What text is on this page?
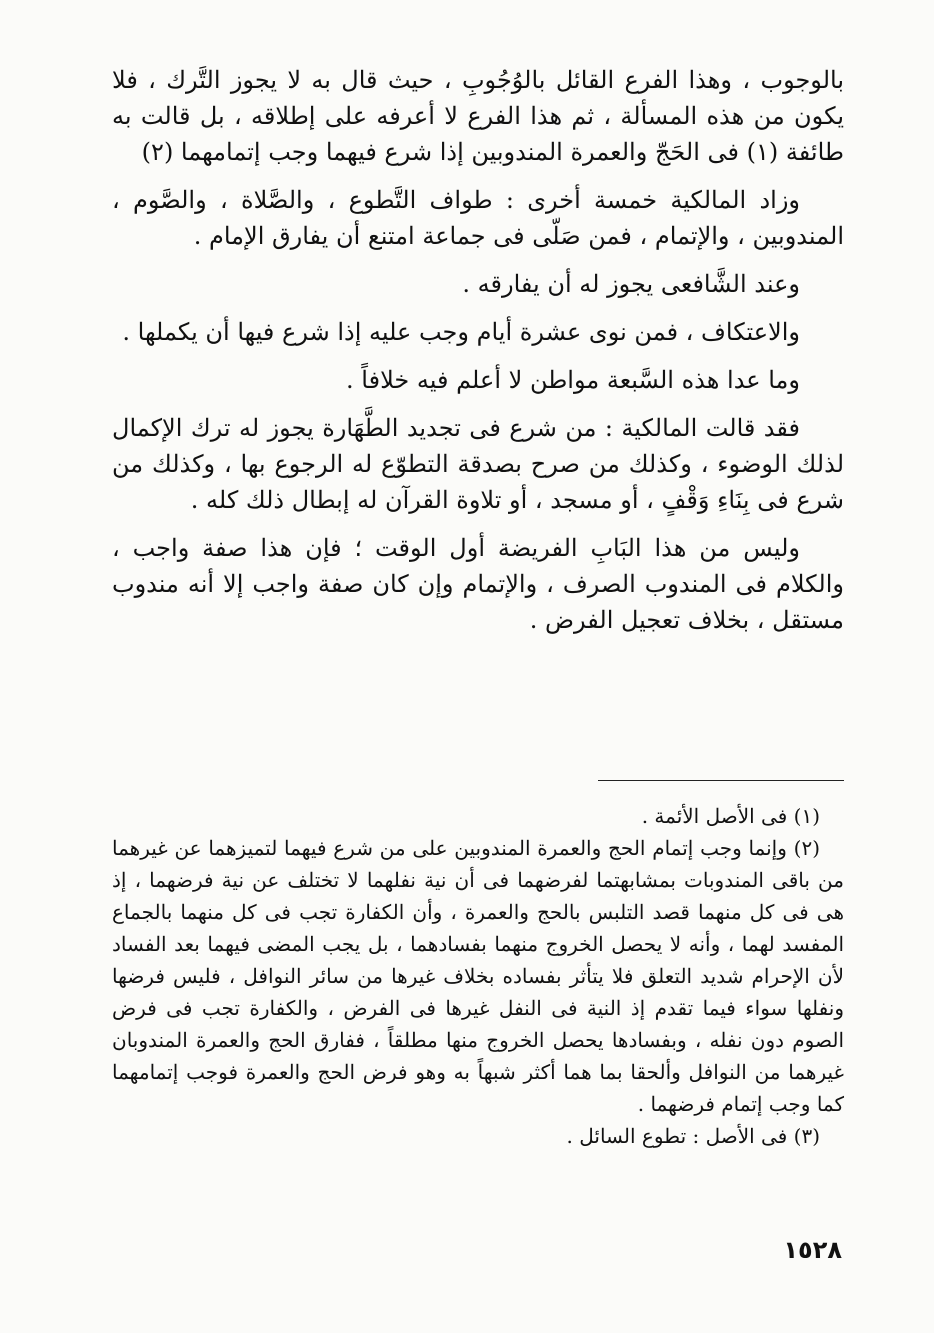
بالوجوب ، وهذا الفرع القائل بالوُجُوبِ ، حيث قال به لا يجوز التَّرك ، فلا يكون من هذه المسألة ، ثم هذا الفرع لا أعرفه على إطلاقه ، بل قالت به طائفة (١) فى الحَجّ والعمرة المندوبين إذا شرع فيهما وجب إتمامهما (٢)

وزاد المالكية خمسة أخرى : طواف التَّطوع ، والصَّلاة ، والصَّوم ، المندوبين ، والإتمام ، فمن صَلّى فى جماعة امتنع أن يفارق الإمام .

وعند الشَّافعى يجوز له أن يفارقه .

والاعتكاف ، فمن نوى عشرة أيام وجب عليه إذا شرع فيها أن يكملها .

وما عدا هذه السَّبعة مواطن لا أعلم فيه خلافاً .

فقد قالت المالكية : من شرع فى تجديد الطَّهَارة يجوز له ترك الإكمال لذلك الوضوء ، وكذلك من صرح بصدقة التطوّع له الرجوع بها ، وكذلك من شرع فى بِنَاءِ وَقْفٍ ، أو مسجد ، أو تلاوة القرآن له إبطال ذلك كله .

وليس من هذا البَابِ الفريضة أول الوقت ؛ فإن هذا صفة واجب ، والكلام فى المندوب الصرف ، والإتمام وإن كان صفة واجب إلا أنه مندوب مستقل ، بخلاف تعجيل الفرض .

(١) فى الأصل الأئمة .

(٢) وإنما وجب إتمام الحج والعمرة المندوبين على من شرع فيهما لتميزهما عن غيرهما من باقى المندوبات بمشابهتما لفرضهما فى أن نية نفلهما لا تختلف عن نية فرضهما ، إذ هى فى كل منهما قصد التلبس بالحج والعمرة ، وأن الكفارة تجب فى كل منهما بالجماع المفسد لهما ، وأنه لا يحصل الخروج منهما بفسادهما ، بل يجب المضى فيهما بعد الفساد لأن الإحرام شديد التعلق فلا يتأثر بفساده بخلاف غيرها من سائر النوافل ، فليس فرضها ونفلها سواء فيما تقدم إذ النية فى النفل غيرها فى الفرض ، والكفارة تجب فى فرض الصوم دون نفله ، وبفسادها يحصل الخروج منها مطلقاً ، ففارق الحج والعمرة المندوبان غيرهما من النوافل وألحقا بما هما أكثر شبهاً به وهو فرض الحج والعمرة فوجب إتمامهما كما وجب إتمام فرضهما .

(٣) فى الأصل : تطوع السائل .

١٥٢٨
